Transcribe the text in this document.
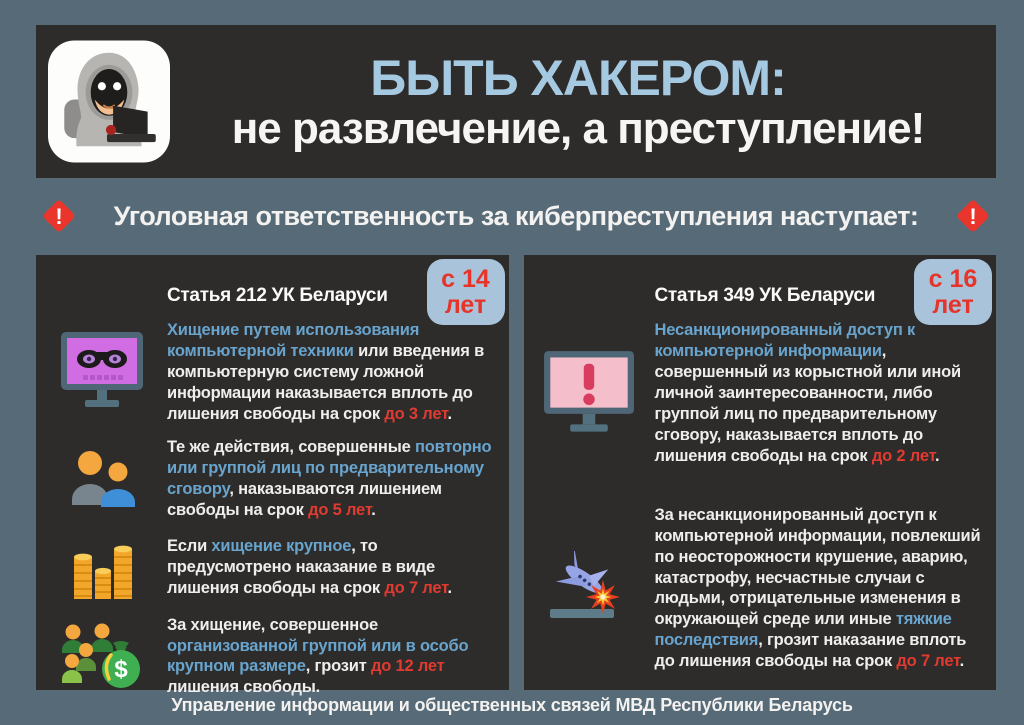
БЫТЬ ХАКЕРОМ:
не развлечение, а преступление!
!	Уголовная ответственность за киберпреступления наступает:	!
с 14
лет
Статья 212 УК Беларуси

Хищение путем использования компьютерной техники или введения в компьютерную систему ложной информации наказывается вплоть до лишения свободы на срок до 3 лет.

Те же действия, совершенные повторно или группой лиц по предварительному сговору, наказываются лишением свободы на срок до 5 лет.

Если хищение крупное, то предусмотрено наказание в виде лишения свободы на срок до 7 лет.

$

За хищение, совершенное организованной группой или в особо крупном размере, грозит до 12 лет лишения свободы.

с 16
лет
Статья 349 УК Беларуси

Несанкционированный доступ к компьютерной информации, совершенный из корыстной или иной личной заинтересованности, либо группой лиц по предварительному сговору, наказывается вплоть до лишения свободы на срок до 2 лет.

За несанкционированный доступ к компьютерной информации, повлекший по неосторожности крушение, аварию, катастрофу, несчастные случаи с людьми, отрицательные изменения в окружающей среде или иные тяжкие последствия, грозит наказание вплоть до лишения свободы на срок до 7 лет.

Управление информации и общественных связей МВД Республики Беларусь
